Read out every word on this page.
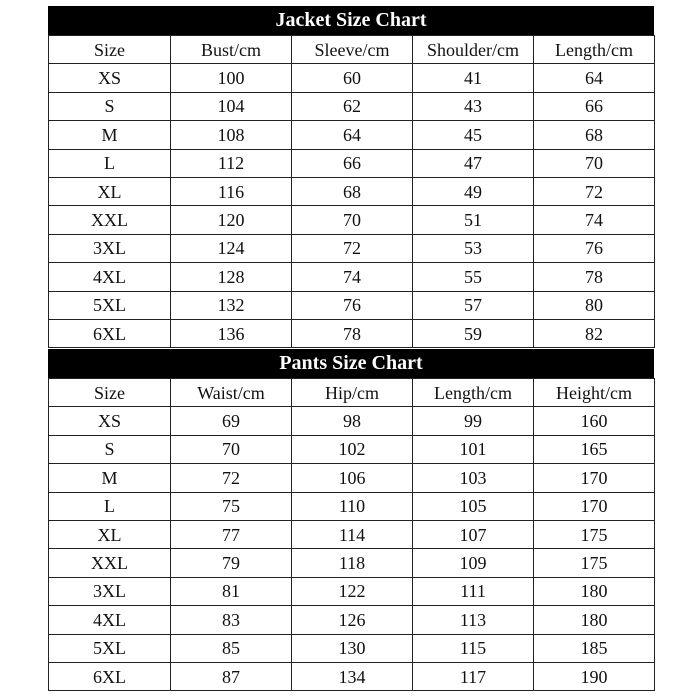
Jacket Size Chart
Size	Bust/cm	Sleeve/cm	Shoulder/cm	Length/cm
XS	100	60	41	64
S	104	62	43	66
M	108	64	45	68
L	112	66	47	70
XL	116	68	49	72
XXL	120	70	51	74
3XL	124	72	53	76
4XL	128	74	55	78
5XL	132	76	57	80
6XL	136	78	59	82
Pants Size Chart
Size	Waist/cm	Hip/cm	Length/cm	Height/cm
XS	69	98	99	160
S	70	102	101	165
M	72	106	103	170
L	75	110	105	170
XL	77	114	107	175
XXL	79	118	109	175
3XL	81	122	111	180
4XL	83	126	113	180
5XL	85	130	115	185
6XL	87	134	117	190
